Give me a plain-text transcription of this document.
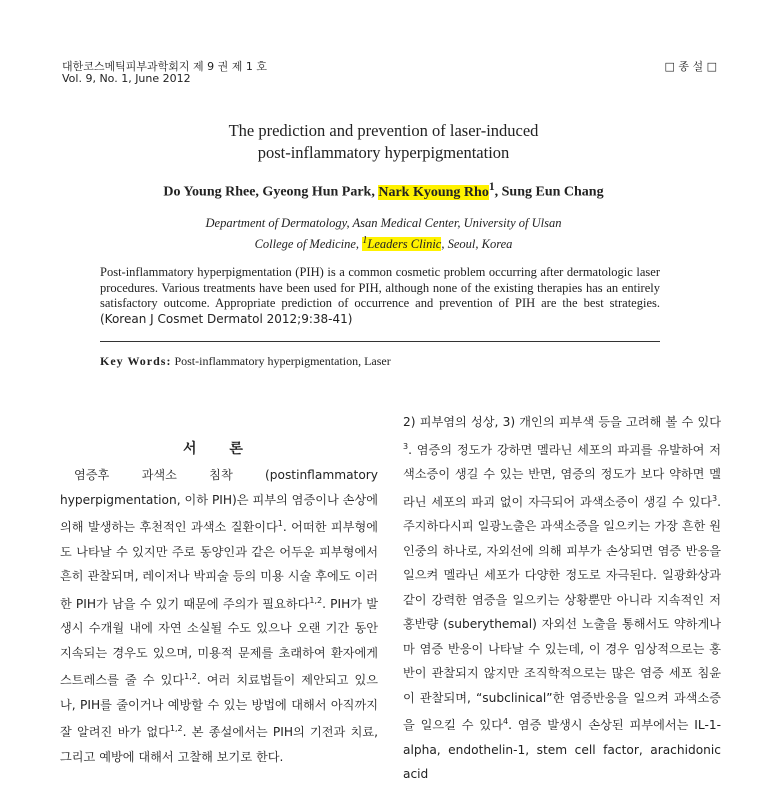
대한코스메틱피부과학회지 제 9 권 제 1 호
Vol. 9, No. 1, June 2012
□ 종 설 □
The prediction and prevention of laser-induced
post-inflammatory hyperpigmentation
Do Young Rhee, Gyeong Hun Park, Nark Kyoung Rho$^1$, Sung Eun Chang
Department of Dermatology, Asan Medical Center, University of Ulsan
College of Medicine, $^1$Leaders Clinic, Seoul, Korea
Post-inflammatory hyperpigmentation (PIH) is a common cosmetic problem occurring after dermatologic laser procedures. Various treatments have been used for PIH, although none of the existing therapies has an entirely satisfactory outcome. Appropriate prediction of occurrence and prevention of PIH are the best strategies. (Korean J Cosmet Dermatol 2012;9:38-41)
Key Words: Post-inflammatory hyperpigmentation, Laser
서 론

염증후 과색소 침착 (postinflammatory hyperpigmentation, 이하 PIH)은 피부의 염증이나 손상에 의해 발생하는 후천적인 과색소 질환이다$^1$. 어떠한 피부형에도 나타날 수 있지만 주로 동양인과 같은 어두운 피부형에서 흔히 관찰되며, 레이저나 박피술 등의 미용 시술 후에도 이러한 PIH가 남을 수 있기 때문에 주의가 필요하다$^{1,2}$. PIH가 발생시 수개월 내에 자연 소실될 수도 있으나 오랜 기간 동안 지속되는 경우도 있으며, 미용적 문제를 초래하여 환자에게 스트레스를 줄 수 있다$^{1,2}$. 여러 치료법들이 제안되고 있으나, PIH를 줄이거나 예방할 수 있는 방법에 대해서 아직까지 잘 알려진 바가 없다$^{1,2}$. 본 종설에서는 PIH의 기전과 치료, 그리고 예방에 대해서 고찰해 보기로 한다.

2) 피부염의 성상, 3) 개인의 피부색 등을 고려해 볼 수 있다$^3$. 염증의 정도가 강하면 멜라닌 세포의 파괴를 유발하여 저색소증이 생길 수 있는 반면, 염증의 정도가 보다 약하면 멜라닌 세포의 파괴 없이 자극되어 과색소증이 생길 수 있다$^3$. 주지하다시피 일광노출은 과색소증을 일으키는 가장 흔한 원인중의 하나로, 자외선에 의해 피부가 손상되면 염증 반응을 일으켜 멜라닌 세포가 다양한 정도로 자극된다. 일광화상과 같이 강력한 염증을 일으키는 상황뿐만 아니라 지속적인 저홍반량 (suberythemal) 자외선 노출을 통해서도 약하게나마 염증 반응이 나타날 수 있는데, 이 경우 임상적으로는 홍반이 관찰되지 않지만 조직학적으로는 많은 염증 세포 침윤이 관찰되며, “subclinical”한 염증반응을 일으켜 과색소증을 일으킬 수 있다$^4$. 염증 발생시 손상된 피부에서는 IL-1-alpha, endothelin-1, stem cell factor, arachidonic acid
